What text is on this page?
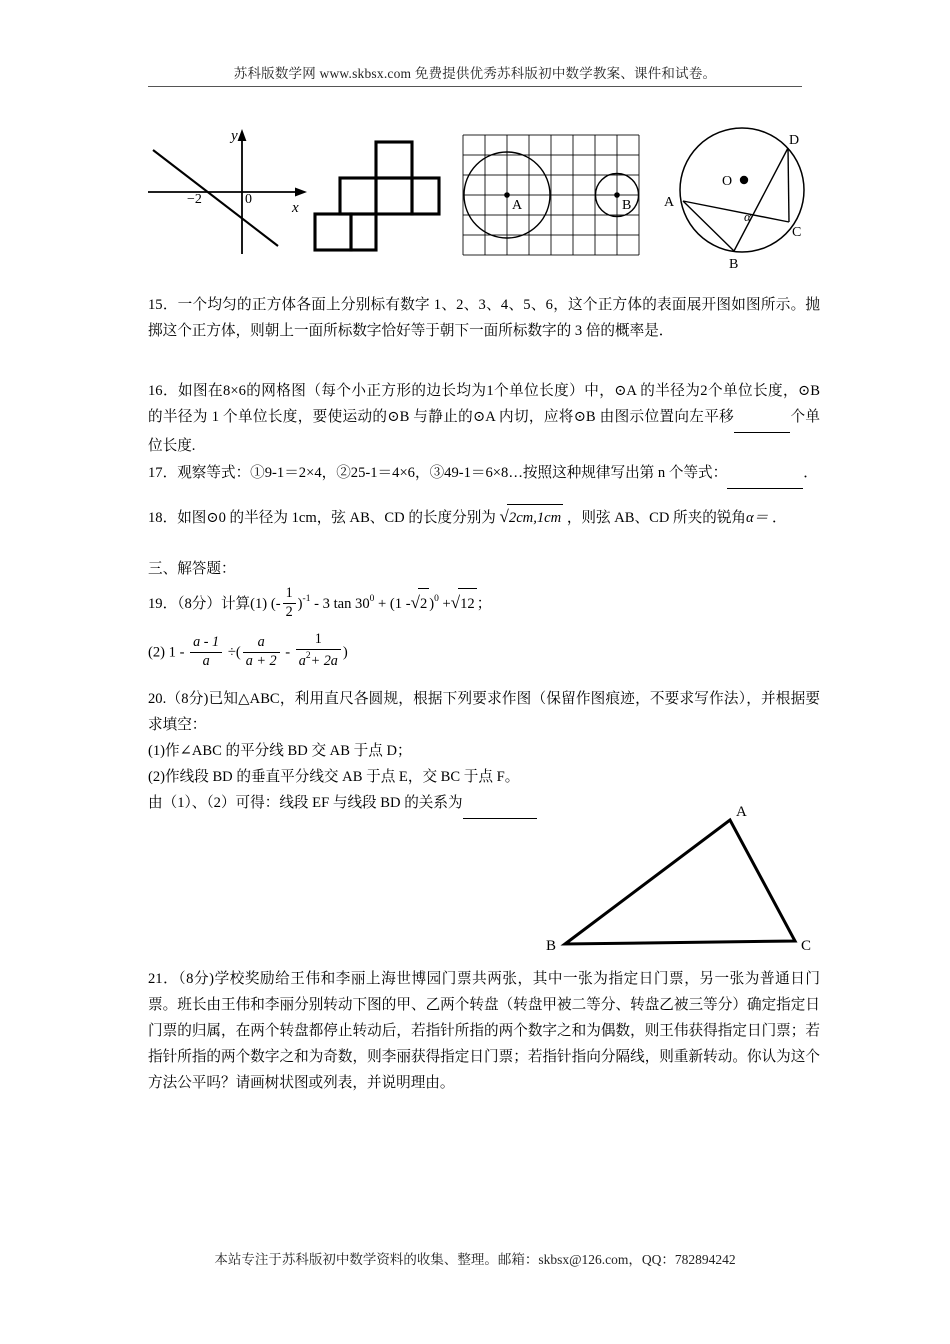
苏科版数学网 www.skbsx.com 免费提供优秀苏科版初中数学教案、课件和试卷。
y
x
0
−2	A	B
O
A
B
C
D
α
15．一个均匀的正方体各面上分别标有数字 1、2、3、4、5、6，这个正方体的表面展开图如图所示。抛掷这个正方体，则朝上一面所标数字恰好等于朝下一面所标数字的 3 倍的概率是．
16．如图在8×6的网格图（每个小正方形的边长均为1个单位长度）中，⊙A 的半径为2个单位长度，⊙B 的半径为 1 个单位长度，要使运动的⊙B 与静止的⊙A 内切，应将⊙B 由图示位置向左平移	个单位长度.
17．观察等式：①9‑1＝2×4，②25‑1＝4×6，③49‑1＝6×8…按照这种规律写出第 n 个等式：	．
18．如图⊙0 的半径为 1cm，弦 AB、CD 的长度分别为 √2cm,1cm ，则弦 AB、CD 所夹的锐角α＝ ．
三、解答题：
19．（8分）计算(1) (- $\frac{1}{2} )^{-1} - 3$ $\tan 30^0 + (1$ -√2 )$^0$ +√12 ；
(2) $1 - \frac{a - 1}{a}$ ÷( $\frac{a}{a + 2} - \frac{1}{a^2+ 2a}$ )
20.（8分)已知△ABC，利用直尺各圆规，根据下列要求作图（保留作图痕迹，不要求写作法），并根据要求填空：
(1)作∠ABC 的平分线 BD 交 AB 于点 D；
(2)作线段 BD 的垂直平分线交 AB 于点 E，交 BC 于点 F。
由（1）、（2）可得：线段 EF 与线段 BD 的关系为
A
B	C
21．（8分)学校奖励给王伟和李丽上海世博园门票共两张，其中一张为指定日门票，另一张为普通日门票。班长由王伟和李丽分别转动下图的甲、乙两个转盘（转盘甲被二等分、转盘乙被三等分）确定指定日门票的归属，在两个转盘都停止转动后，若指针所指的两个数字之和为偶数，则王伟获得指定日门票；若指针所指的两个数字之和为奇数，则李丽获得指定日门票；若指针指向分隔线，则重新转动。你认为这个方法公平吗？请画树状图或列表，并说明理由。
本站专注于苏科版初中数学资料的收集、整理。邮箱：skbsx@126.com，QQ：782894242
